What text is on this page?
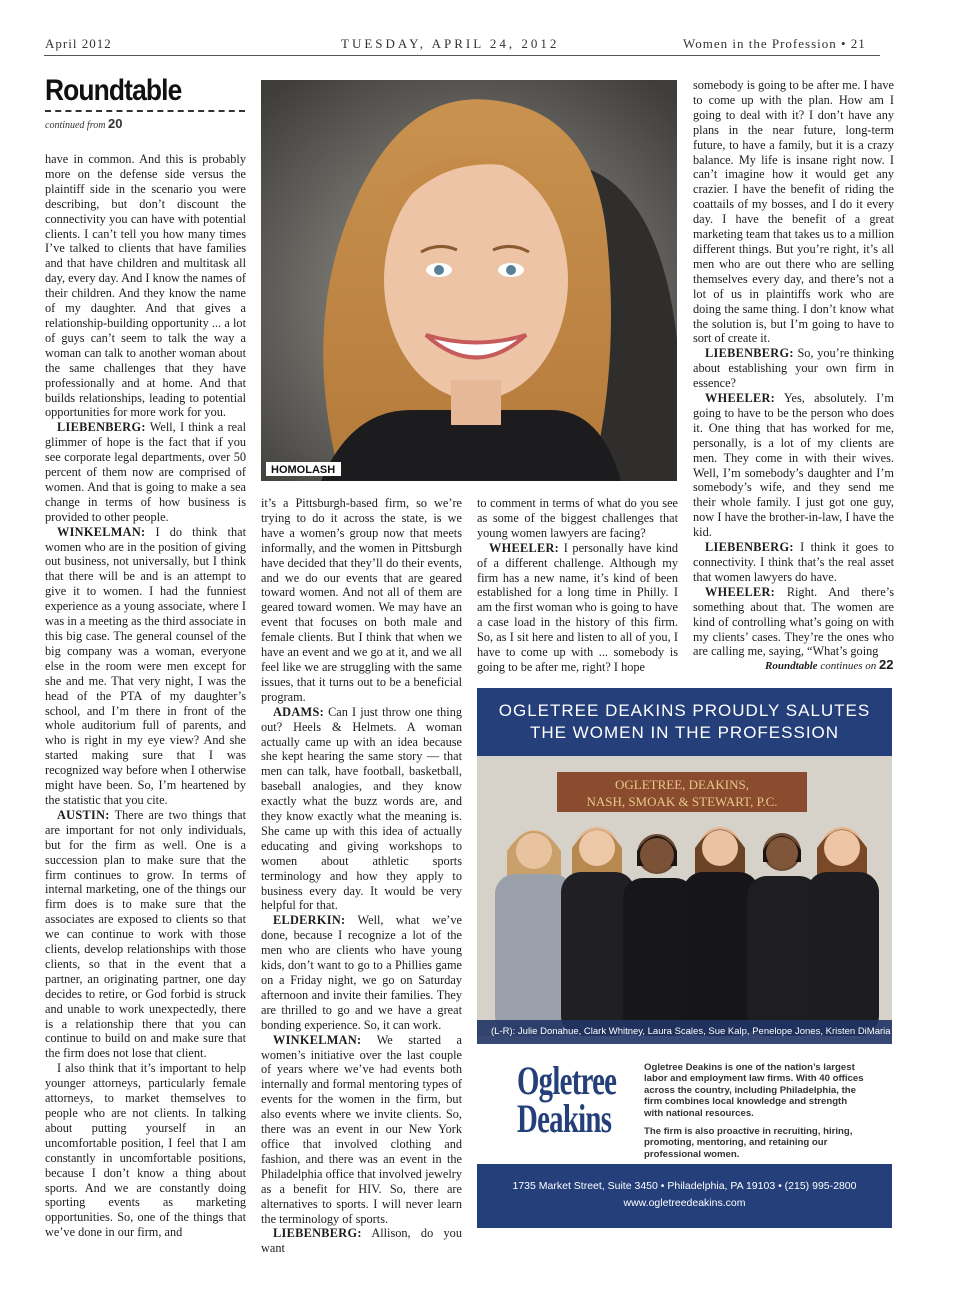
April 2012	TUESDAY, APRIL 24, 2012	Women in the Profession • 21
Roundtable
continued from 20

have in common. And this is probably more on the defense side versus the plaintiff side in the scenario you were describing, but don’t discount the connectivity you can have with potential clients. I can’t tell you how many times I’ve talked to clients that have families and that have children and multitask all day, every day. And I know the names of their children. And they know the name of my daughter. And that gives a relationship-building opportunity ... a lot of guys can’t seem to talk the way a woman can talk to another woman about the same challenges that they have professionally and at home. And that builds relationships, leading to potential opportunities for more work for you.

LIEBENBERG: Well, I think a real glimmer of hope is the fact that if you see corporate legal departments, over 50 percent of them now are comprised of women. And that is going to make a sea change in terms of how business is provided to other people.

WINKELMAN: I do think that women who are in the position of giving out business, not universally, but I think that there will be and is an attempt to give it to women. I had the funniest experience as a young associate, where I was in a meeting as the third associate in this big case. The general counsel of the big company was a woman, everyone else in the room were men except for she and me. That very night, I was the head of the PTA of my daughter’s school, and I’m there in front of the whole auditorium full of parents, and who is right in my eye view? And she started making sure that I was recognized way before when I otherwise might have been. So, I’m heartened by the statistic that you cite.

AUSTIN: There are two things that are important for not only individuals, but for the firm as well. One is a succession plan to make sure that the firm continues to grow. In terms of internal marketing, one of the things our firm does is to make sure that the associates are exposed to clients so that we can continue to work with those clients, develop relationships with those clients, so that in the event that a partner, an originating partner, one day decides to retire, or God forbid is struck and unable to work unexpectedly, there is a relationship there that you can continue to build on and make sure that the firm does not lose that client.

I also think that it’s important to help younger attorneys, particularly female attorneys, to market themselves to people who are not clients. In talking about putting yourself in an uncomfortable position, I feel that I am constantly in uncomfortable positions, because I don’t know a thing about sports. And we are constantly doing sporting events as marketing opportunities. So, one of the things that we’ve done in our firm, and

it’s a Pittsburgh-based firm, so we’re trying to do it across the state, is we have a women’s group now that meets informally, and the women in Pittsburgh have decided that they’ll do their events, and we do our events that are geared toward women. And not all of them are geared toward women. We may have an event that focuses on both male and female clients. But I think that when we have an event and we go at it, and we all feel like we are struggling with the same issues, that it turns out to be a beneficial program.

ADAMS: Can I just throw one thing out? Heels & Helmets. A woman actually came up with an idea because she kept hearing the same story — that men can talk, have football, basketball, baseball analogies, and they know exactly what the buzz words are, and they know exactly what the meaning is. She came up with this idea of actually educating and giving workshops to women about athletic sports terminology and how they apply to business every day. It would be very helpful for that.

ELDERKIN: Well, what we’ve done, because I recognize a lot of the men who are clients who have young kids, don’t want to go to a Phillies game on a Friday night, we go on Saturday afternoon and invite their families. They are thrilled to go and we have a great bonding experience. So, it can work.

WINKELMAN: We started a women’s initiative over the last couple of years where we’ve had events both internally and formal mentoring types of events for the women in the firm, but also events where we invite clients. So, there was an event in our New York office that involved clothing and fashion, and there was an event in the Philadelphia office that involved jewelry as a benefit for HIV. So, there are alternatives to sports. I will never learn the terminology of sports.

LIEBENBERG: Allison, do you want

to comment in terms of what do you see as some of the biggest challenges that young women lawyers are facing?

WHEELER: I personally have kind of a different challenge. Although my firm has a new name, it’s kind of been established for a long time in Philly. I am the first woman who is going to have a case load in the history of this firm. So, as I sit here and listen to all of you, I have to come up with ... somebody is going to be after me, right? I hope

somebody is going to be after me. I have to come up with the plan. How am I going to deal with it? I don’t have any plans in the near future, long-term future, to have a family, but it is a crazy balance. My life is insane right now. I can’t imagine how it would get any crazier. I have the benefit of riding the coattails of my bosses, and I do it every day. I have the benefit of a great marketing team that takes us to a million different things. But you’re right, it’s all men who are out there who are selling themselves every day, and there’s not a lot of us in plaintiffs work who are doing the same thing. I don’t know what the solution is, but I’m going to have to sort of create it.

LIEBENBERG: So, you’re thinking about establishing your own firm in essence?

WHEELER: Yes, absolutely. I’m going to have to be the person who does it. One thing that has worked for me, personally, is a lot of my clients are men. They come in with their wives. Well, I’m somebody’s daughter and I’m somebody’s wife, and they send me their whole family. I just got one guy, now I have the brother-in-law, I have the kid.

LIEBENBERG: I think it goes to connectivity. I think that’s the real asset that women lawyers do have.

WHEELER: Right. And there’s something about that. The women are kind of controlling what’s going on with my clients’ cases. They’re the ones who are calling me, saying, “What’s going

HOMOLASH
Roundtable continues on 22
OGLETREE DEAKINS PROUDLY SALUTES
THE WOMEN IN THE PROFESSION
OGLETREE, DEAKINS,
NASH, SMOAK & STEWART, P.C.
(L-R): Julie Donahue, Clark Whitney, Laura Scales, Sue Kalp, Penelope Jones, Kristen DiMaria
Ogletree
Deakins

Ogletree Deakins is one of the nation’s largest labor and employment law firms. With 40 offices across the country, including Philadelphia, the firm combines local knowledge and strength with national resources.

The firm is also proactive in recruiting, hiring, promoting, mentoring, and retaining our professional women.

1735 Market Street, Suite 3450 • Philadelphia, PA 19103 • (215) 995-2800
www.ogletreedeakins.com
